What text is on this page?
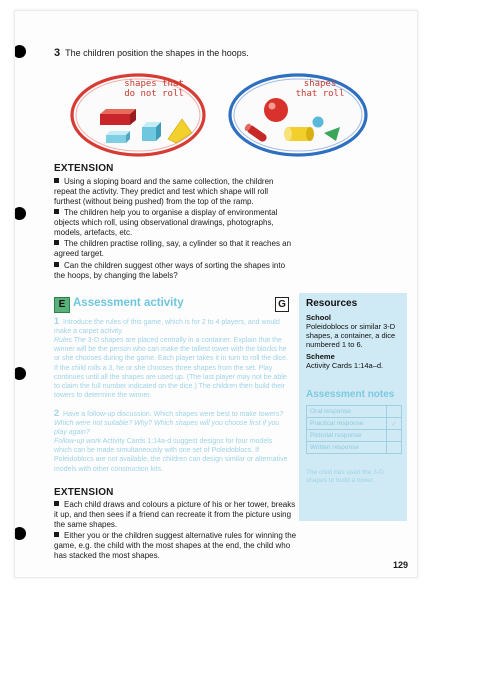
3 The children position the shapes in the hoops.
shapes that
do not roll
shapes
that roll
EXTENSION
Using a sloping board and the same collection, the children repeat the activity. They predict and test which shape will roll furthest (without being pushed) from the top of the ramp.
The children help you to organise a display of environmental objects which roll, using observational drawings, photographs, models, artefacts, etc.
The children practise rolling, say, a cylinder so that it reaches an agreed target.
Can the children suggest other ways of sorting the shapes into the hoops, by changing the labels?
E Assessment activity	G
1 Introduce the rules of this game, which is for 2 to 4 players, and would make a carpet activity.
Rules The 3-D shapes are placed centrally in a container. Explain that the winner will be the person who can make the tallest tower with the blocks he or she chooses during the game. Each player takes it in turn to roll the dice. If the child rolls a 3, he or she chooses three shapes from the set. Play continues until all the shapes are used up. (The last player may not be able to claim the full number indicated on the dice.) The children then build their towers to determine the winner.
2 Have a follow-up discussion. Which shapes were best to make towers? Which were not suitable? Why? Which shapes will you choose first if you play again?
Follow-up work Activity Cards 1:14a-d suggest designs for four models which can be made simultaneously with one set of Poleidoblocs. If Poleidoblocs are not available, the children can design similar or alternative models with other construction kits.
Resources
School
Poleidoblocs or similar 3-D shapes, a container, a dice numbered 1 to 6.
Scheme
Activity Cards 1:14a–d.
Assessment notes
Oral response	
Practical response	✓
Pictorial response	
Written response	
The child has used the 3-D shapes to build a tower.
EXTENSION
Each child draws and colours a picture of his or her tower, breaks it up, and then sees if a friend can recreate it from the picture using the same shapes.
Either you or the children suggest alternative rules for winning the game, e.g. the child with the most shapes at the end, the child who has stacked the most shapes.
129
